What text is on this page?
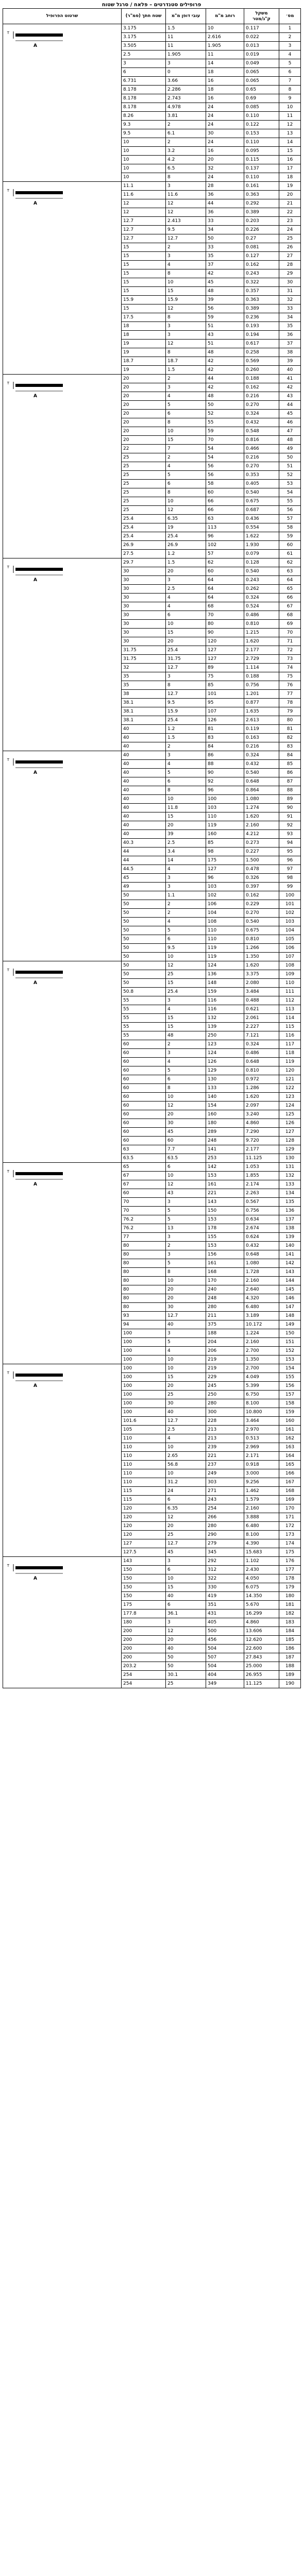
פרופילים סטנדרטים – פלאח / סרגל שטוח
מס׳	משקל ק"ג/מטר	רוחב מ"מ	עובי דופן מ"מ	שטח חתך (סמ"ר)	שרטוט הפרופיל
1	0.117	10	1.5	3.175	T
A

2	0.022	2.616	11	3.175	
3	0.013	1.905	11	3.505	
4	0.019	11	1.905	2.5	
5	0.049	14	3	3	
6	0.065	18	0	6	
7	0.065	16	3.66	6.731	
8	0.65	18	2.286	8.178	
9	0.69	16	2.743	8.178	
10	0.085	24	4.978	8.178	
11	0.110	24	3.81	8.26	
12	0.122	24	2	9.3	
13	0.153	30	6.1	9.5	
14	0.110	24	2	10	
15	0.095	16	3.2	10	
16	0.115	20	4.2	10	
17	0.137	32	6.5	10	
18	0.110	24	8	10	
19	0.161	28	3	11.1	T
A

20	0.363	36	11.6	11.6	
21	0.292	44	12	12	
22	0.389	36	12	12	
23	0.203	33	2.413	12.7	
24	0.226	34	9.5	12.7	
25	0.27	50	12.7	12.7	
26	0.081	33	2	15	
27	0.127	35	3	15	
28	0.162	37	4	15	
29	0.243	42	8	15	
30	0.322	45	10	15	
31	0.357	48	15	15	
32	0.363	39	15.9	15.9	
33	0.389	56	12	15	
34	0.236	59	8	17.5	
35	0.193	51	3	18	
36	0.194	43	3	18	
37	0.617	51	12	19	
38	0.258	48	8	19	
39	0.569	42	18.7	18.7	
40	0.260	42	1.5	19	
41	0.188	44	2	20	T
A

42	0.162	42	3	20	
43	0.216	48	4	20	
44	0.270	50	5	20	
45	0.324	52	6	20	
46	0.432	55	8	20	
47	0.548	59	10	20	
48	0.816	70	15	20	
49	0.466	54	7	22	
50	0.216	54	2	25	
51	0.270	56	4	25	
52	0.353	56	5	25	
53	0.405	58	6	25	
54	0.540	60	8	25	
55	0.675	66	10	25	
56	0.687	66	12	25	
57	0.436	63	6.35	25.4	
58	0.554	113	19	25.4	
59	1.622	96	25.4	25.4	
60	1.930	102	26.9	26.9	
61	0.079	57	1.2	27.5	
62	0.128	62	1.5	29.7	T
A

63	0.540	60	20	30	
64	0.243	64	3	30	
65	0.262	64	2.5	30	
66	0.324	64	4	30	
67	0.524	68	4	30	
68	0.486	70	6	30	
69	0.810	80	10	30	
70	1.215	90	15	30	
71	1.620	120	20	30	
72	2.177	127	25.4	31.75	
73	2.729	127	31.75	31.75	
74	1.114	89	12.7	32	
75	0.188	75	3	35	
76	0.756	85	8	35	
77	1.201	101	12.7	38	
78	0.877	95	9.5	38.1	
79	1.635	107	15.9	38.1	
80	2.613	126	25.4	38.1	
81	0.119	81	1.2	40	
82	0.163	83	1.5	40	
83	0.216	84	2	40	
84	0.324	86	3	40	T
A

85	0.432	88	4	40	
86	0.540	90	5	40	
87	0.648	92	6	40	
88	0.864	96	8	40	
89	1.080	100	10	40	
90	1.274	103	11.8	40	
91	1.620	110	15	40	
92	2.160	119	20	40	
93	4.212	160	39	40	
94	0.273	85	2.5	40.3	
95	0.227	98	3.4	44	
96	1.500	175	14	44	
97	0.478	127	4	44.5	
98	0.326	96	3	45	
99	0.397	103	3	49	
100	0.162	102	1.1	50	
101	0.229	106	2	50	
102	0.270	104	2	50	
103	0.540	108	4	50	
104	0.675	110	5	50	
105	0.810	110	6	50	
106	1.266	119	9.5	50	
107	1.350	119	10	50	
108	1.620	124	12	50	T
A

109	3.375	136	25	50	
110	2.080	148	15	50	
111	3.484	159	25.4	50.8	
112	0.488	116	3	55	
113	0.621	116	4	55	
114	2.061	132	15	55	
115	2.227	139	15	55	
116	7.121	250	48	55	
117	0.324	123	2	60	
118	0.486	124	3	60	
119	0.648	126	4	60	
120	0.810	129	5	60	
121	0.972	130	6	60	
122	1.286	133	8	60	
123	1.620	140	10	60	
124	2.097	154	12	60	
125	3.240	160	20	60	
126	4.860	180	30	60	
127	7.290	289	45	60	
128	9.720	248	60	60	
129	2.177	141	7.7	63	
130	11.125	253	63.5	63.5	
131	1.053	142	6	65	T
A

132	1.855	153	10	67	
133	2.174	161	12	67	
134	2.263	221	43	60	
135	0.567	143	3	70	
136	0.756	150	5	70	
137	0.634	153	5	76.2	
138	2.674	178	13	76.2	
139	0.624	155	3	77	
140	0.432	153	2	80	
141	0.648	156	3	80	
142	1.080	161	5	80	
143	1.728	168	8	80	
144	2.160	170	10	80	
145	2.640	240	20	80	
146	4.320	248	20	80	
147	6.480	280	30	80	
148	3.189	211	12.7	93	
149	10.172	375	40	94	
150	1.224	188	3	100	
151	2.160	204	5	100	
152	2.700	206	4	100	
153	1.350	219	10	100	
154	2.700	219	10	100	T
A

155	4.049	229	15	100	
156	5.399	245	20	100	
157	6.750	250	25	100	
158	8.100	280	30	100	
159	10.800	300	40	100	
160	3.464	228	12.7	101.6	
161	2.970	213	2.5	105	
162	0.513	213	4	110	
163	2.969	239	10	110	
164	2.171	221	2.65	110	
165	0.918	237	56.8	110	
166	3.000	249	10	110	
167	9.256	303	31.2	110	
168	1.462	271	24	115	
169	1.579	243	6	115	
170	2.160	254	6.35	120	
171	3.888	266	12	120	
172	6.480	280	20	120	
173	8.100	290	25	120	
174	4.390	279	12.7	127	
175	15.683	345	45	127.5	
176	1.102	292	3	143	T
A

177	2.430	312	6	150	
178	4.050	322	10	150	
179	6.075	330	15	150	
180	14.350	419	40	150	
181	5.670	351	6	175	
182	16.299	431	36.1	177.8	
183	4.860	405	3	180	
184	13.606	500	12	200	
185	12.620	456	20	200	
186	22.600	504	40	200	
187	27.843	507	50	200	
188	25.000	504	50	203.2	
189	26.955	404	30.1	254	
190	11.125	349	25	254	
